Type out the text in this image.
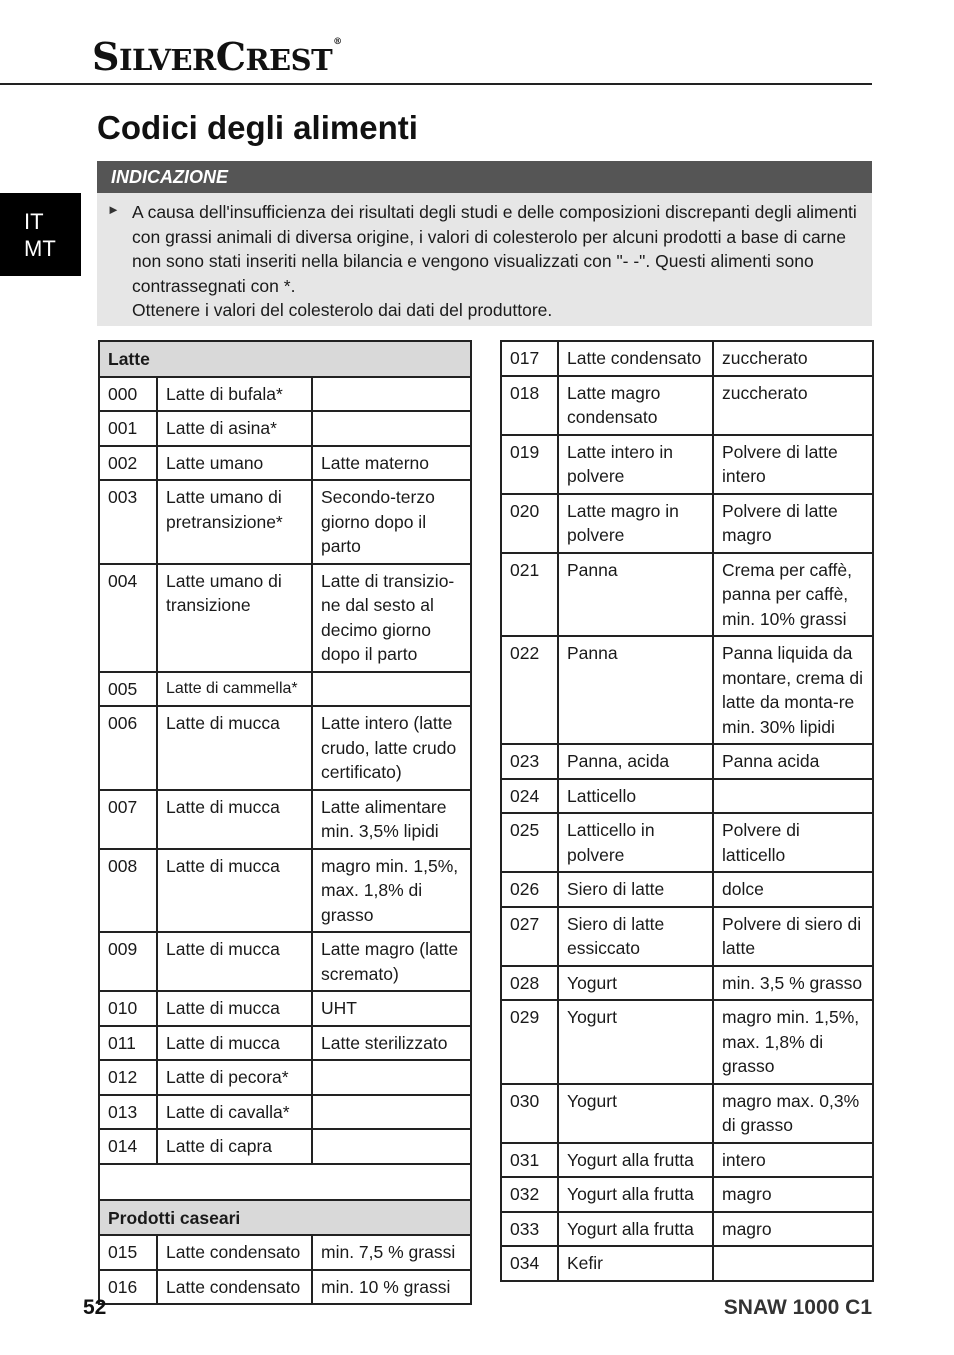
SILVERCREST®
Codici degli alimenti
IT
MT
INDICAZIONE
► A causa dell'insufficienza dei risultati degli studi e delle composizioni discrepanti degli alimenti con grassi animali di diversa origine, i valori di colesterolo per alcuni prodotti a base di carne non sono stati inseriti nella bilancia e vengono visualizzati con "- -". Questi alimenti sono contrassegnati con *.

Ottenere i valori del colesterolo dai dati del produttore.

Latte		
000	Latte di bufala*	
001	Latte di asina*	
002	Latte umano	Latte materno
003	Latte umano di pretransizione*	Secondo-terzo giorno dopo il parto
004	Latte umano di transizione	Latte di transizio-ne dal sesto al decimo giorno dopo il parto
005	Latte di cammella*	
006	Latte di mucca	Latte intero (latte crudo, latte crudo certificato)
007	Latte di mucca	Latte alimentare min. 3,5% lipidi
008	Latte di mucca	magro min. 1,5%, max. 1,8% di grasso
009	Latte di mucca	Latte magro (latte scremato)
010	Latte di mucca	UHT
011	Latte di mucca	Latte sterilizzato
012	Latte di pecora*	
013	Latte di cavalla*	
014	Latte di capra	

Prodotti caseari		
015	Latte condensato	min. 7,5 % grassi
016	Latte condensato	min. 10 % grassi
017	Latte condensato	zuccherato
018	Latte magro condensato	zuccherato
019	Latte intero in polvere	Polvere di latte intero
020	Latte magro in polvere	Polvere di latte magro
021	Panna	Crema per caffè, panna per caffè, min. 10% grassi
022	Panna	Panna liquida da montare, crema di latte da monta-re min. 30% lipidi
023	Panna, acida	Panna acida
024	Latticello	
025	Latticello in polvere	Polvere di latticello
026	Siero di latte	dolce
027	Siero di latte essiccato	Polvere di siero di latte
028	Yogurt	min. 3,5 % grasso
029	Yogurt	magro min. 1,5%, max. 1,8% di grasso
030	Yogurt	magro max. 0,3% di grasso
031	Yogurt alla frutta	intero
032	Yogurt alla frutta	magro
033	Yogurt alla frutta	magro
034	Kefir	
52	SNAW 1000 C1
